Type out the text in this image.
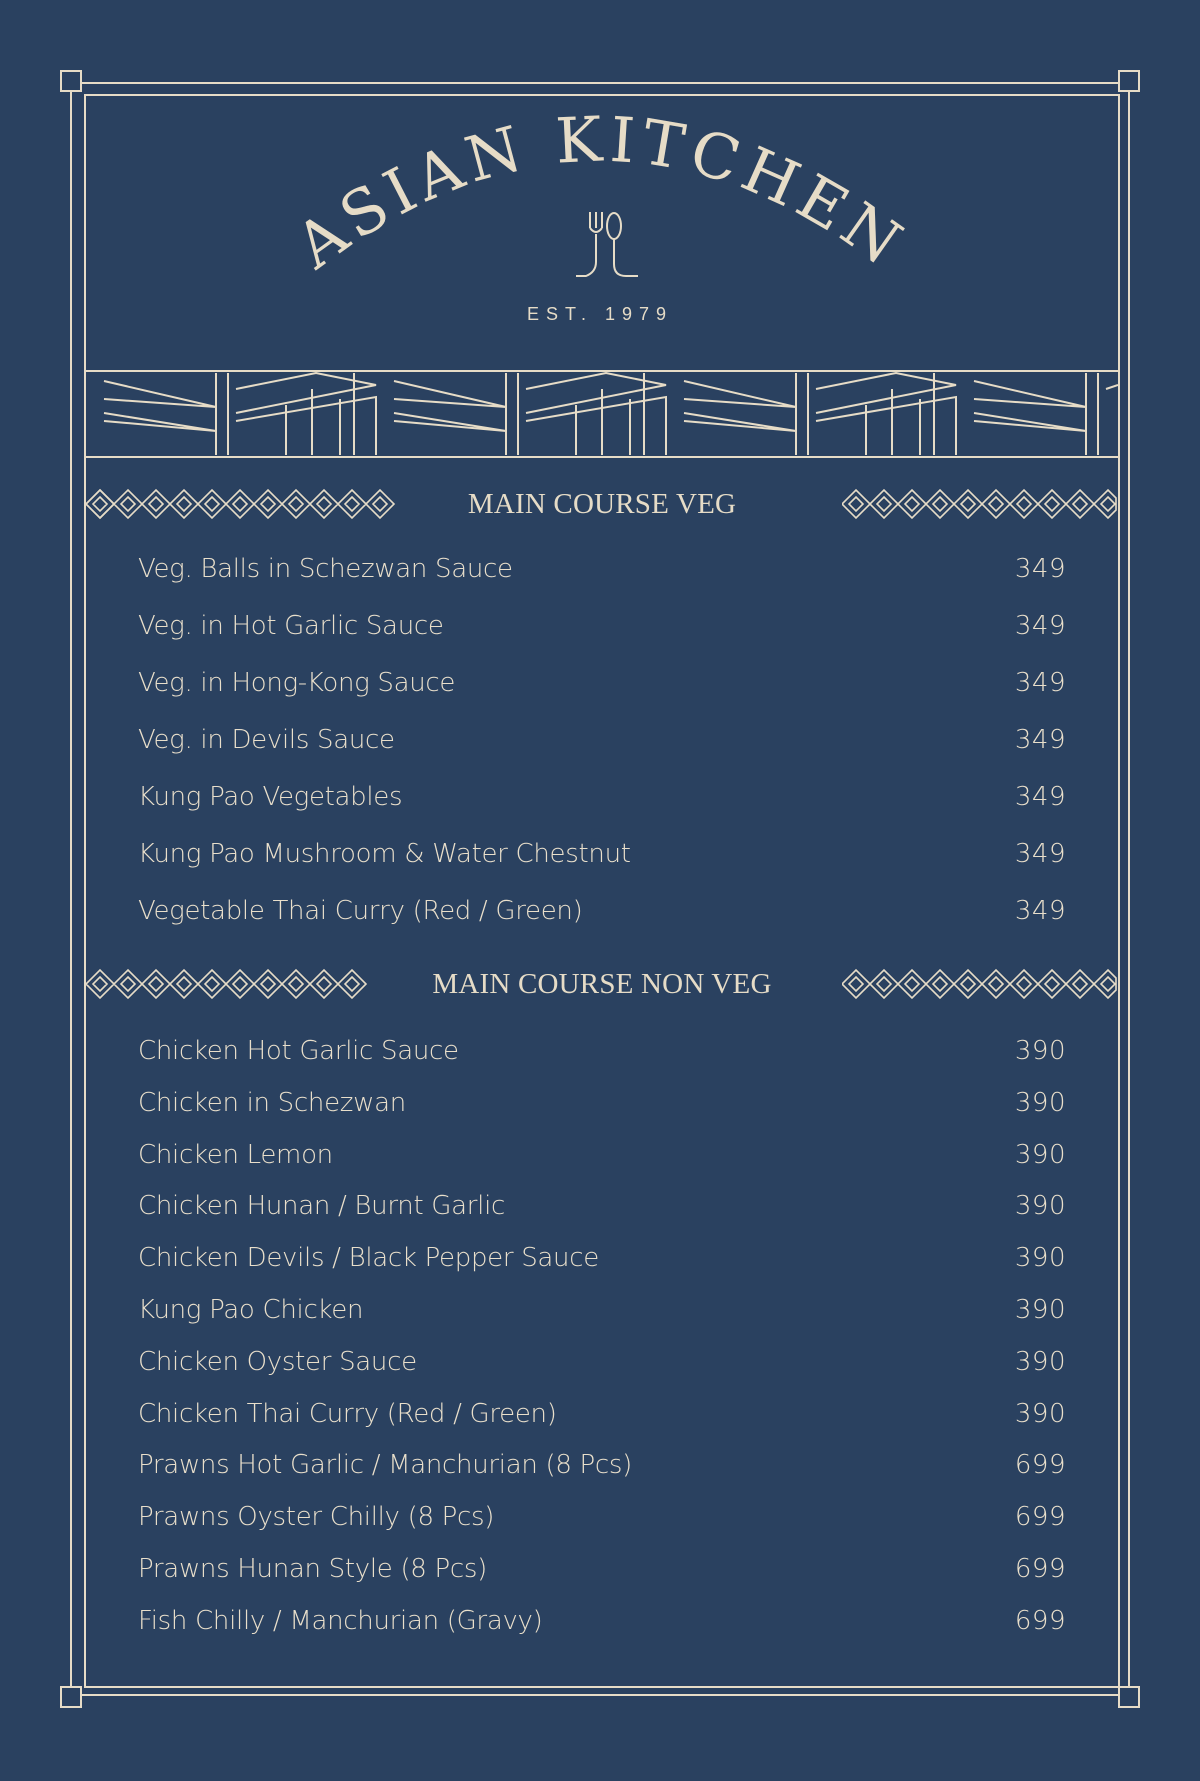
ASIAN KITCHEN
EST. 1979
MAIN COURSE VEG
Veg. Balls in Schezwan Sauce	349
Veg. in Hot Garlic Sauce	349
Veg. in Hong-Kong Sauce	349
Veg. in Devils Sauce	349
Kung Pao Vegetables	349
Kung Pao Mushroom & Water Chestnut	349
Vegetable Thai Curry (Red / Green)	349
MAIN COURSE NON VEG
Chicken Hot Garlic Sauce	390
Chicken in Schezwan	390
Chicken Lemon	390
Chicken Hunan / Burnt Garlic	390
Chicken Devils / Black Pepper Sauce	390
Kung Pao Chicken	390
Chicken Oyster Sauce	390
Chicken Thai Curry (Red / Green)	390
Prawns Hot Garlic / Manchurian (8 Pcs)	699
Prawns Oyster Chilly (8 Pcs)	699
Prawns Hunan Style (8 Pcs)	699
Fish Chilly / Manchurian (Gravy)	699
